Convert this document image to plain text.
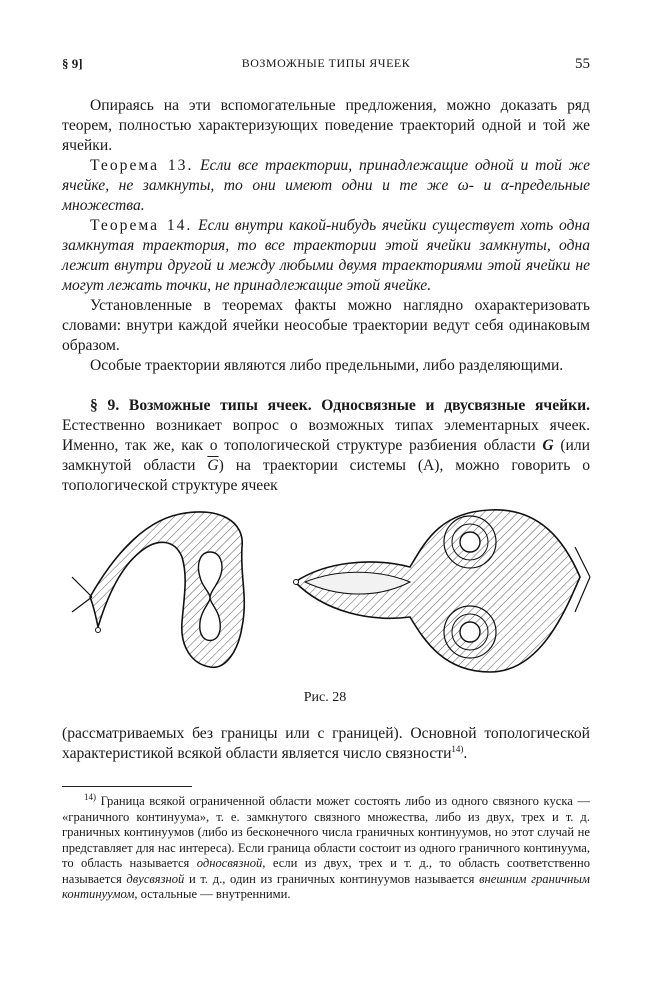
§ 9]	ВОЗМОЖНЫЕ ТИПЫ ЯЧЕЕК	55

Опираясь на эти вспомогательные предложения, можно доказать ряд теорем, полностью характеризующих поведение траекторий одной и той же ячейки.

Теорема 13. Если все траектории, принадлежащие одной и той же ячейке, не замкнуты, то они имеют одни и те же ω- и α-предельные множества.

Теорема 14. Если внутри какой-нибудь ячейки существует хоть одна замкнутая траектория, то все траектории этой ячейки замкнуты, одна лежит внутри другой и между любыми двумя траекториями этой ячейки не могут лежать точки, не принадлежащие этой ячейке.

Установленные в теоремах факты можно наглядно охарактеризовать словами: внутри каждой ячейки неособые траектории ведут себя одинаковым образом.

Особые траектории являются либо предельными, либо разделяющими.

§ 9. Возможные типы ячеек. Односвязные и двусвязные ячейки. Естественно возникает вопрос о возможных типах элементарных ячеек. Именно, так же, как о топологической структуре разбиения области G (или замкнутой области $\overline{G}$) на траектории системы (A), можно говорить о топологической структуре ячеек

Рис. 28

(рассматриваемых без границы или с границей). Основной топологической характеристикой всякой области является число связности$^{14)}$.

$^{14)}$ Граница всякой ограниченной области может состоять либо из одного связного куска — «граничного континуума», т. е. замкнутого связного множества, либо из двух, трех и т. д. граничных континуумов (либо из бесконечного числа граничных континуумов, но этот случай не представляет для нас интереса). Если граница области состоит из одного граничного континуума, то область называется односвязной, если из двух, трех и т. д., то область соответственно называется двусвязной и т. д., один из граничных континуумов называется внешним граничным континуумом, остальные — внутренними.
